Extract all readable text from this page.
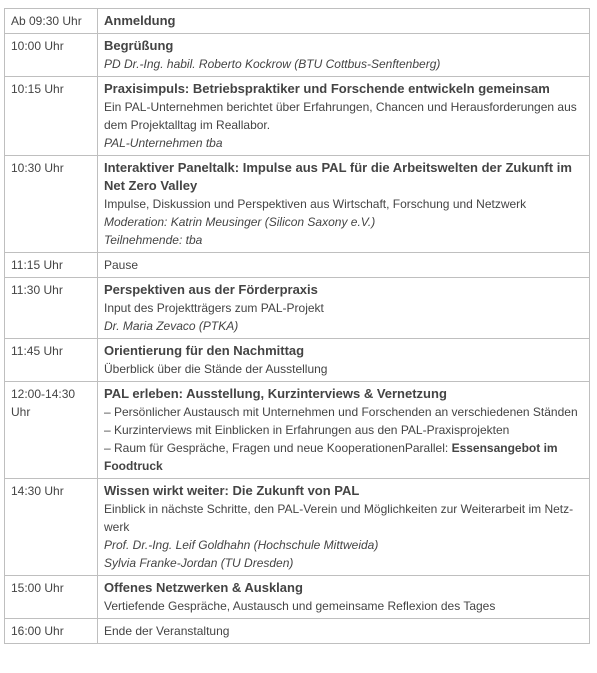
Ab 09:30 Uhr	Anmeldung

10:00 Uhr	Begrüßung
PD Dr.-Ing. habil. Roberto Kockrow (BTU Cottbus-Senftenberg)

10:15 Uhr	Praxisimpuls: Betriebspraktiker und Forschende entwickeln gemeinsam
Ein PAL-Unternehmen berichtet über Erfahrungen, Chancen und Herausforderungen aus dem Projektalltag im Reallabor.
PAL-Unternehmen tba

10:30 Uhr	Interaktiver Paneltalk: Impulse aus PAL für die Arbeitswelten der Zukunft im Net Zero Valley
Impulse, Diskussion und Perspektiven aus Wirtschaft, Forschung und Netzwerk
Moderation: Katrin Meusinger (Silicon Saxony e.V.)
Teilnehmende: tba

11:15 Uhr	Pause

11:30 Uhr	Perspektiven aus der Förderpraxis
Input des Projektträgers zum PAL-Projekt
Dr. Maria Zevaco (PTKA)

11:45 Uhr	Orientierung für den Nachmittag
Überblick über die Stände der Ausstellung

12:00-14:30 Uhr	PAL erleben: Ausstellung, Kurzinterviews & Vernetzung
– Persönlicher Austausch mit Unternehmen und Forschenden an verschiedenen Ständen
– Kurzinterviews mit Einblicken in Erfahrungen aus den PAL-Praxisprojekten
– Raum für Gespräche, Fragen und neue KooperationenParallel: Essensangebot im Foodtruck

14:30 Uhr	Wissen wirkt weiter: Die Zukunft von PAL
Einblick in nächste Schritte, den PAL-Verein und Möglichkeiten zur Weiterarbeit im Netz-werk
Prof. Dr.-Ing. Leif Goldhahn (Hochschule Mittweida)
Sylvia Franke-Jordan (TU Dresden)

15:00 Uhr	Offenes Netzwerken & Ausklang
Vertiefende Gespräche, Austausch und gemeinsame Reflexion des Tages

16:00 Uhr	Ende der Veranstaltung
